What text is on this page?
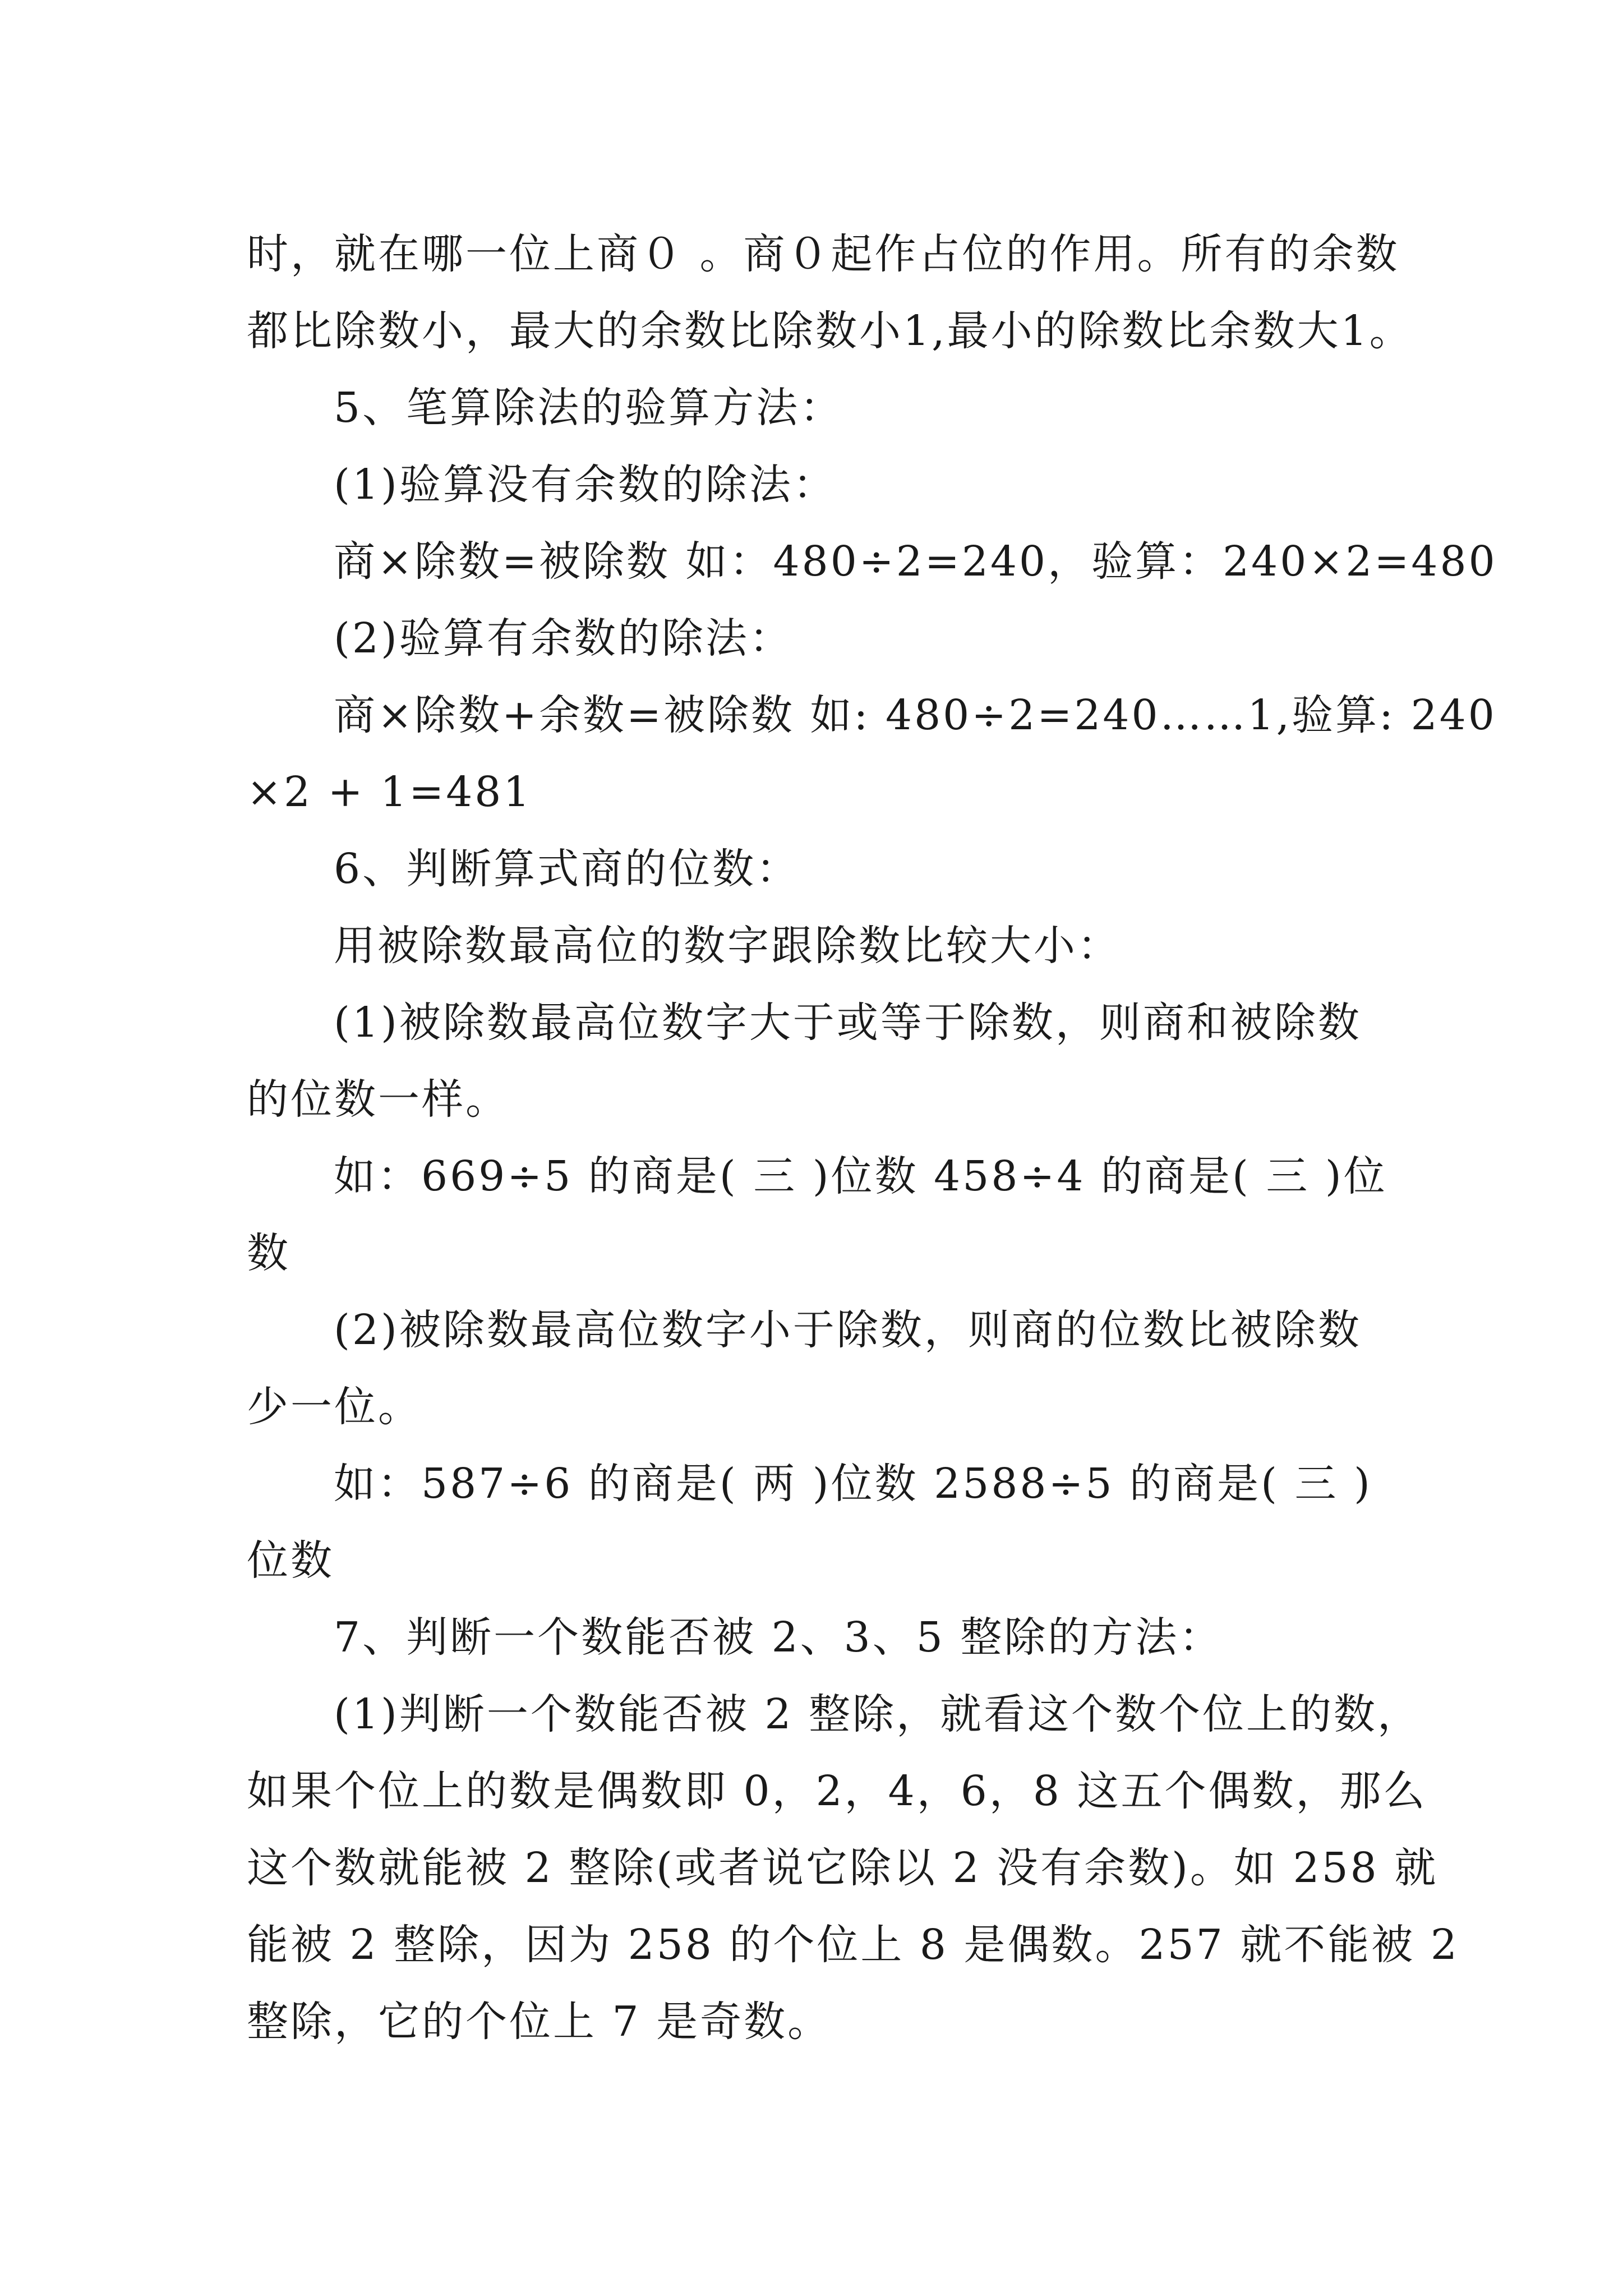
时，就在哪一位上商０ 。商０起作占位的作用。所有的余数
都比除数小，最大的余数比除数小1,最小的除数比余数大1。
5、笔算除法的验算方法：
(1)验算没有余数的除法：
商×除数=被除数 如：480÷2=240，验算：240×2=480
(2)验算有余数的除法：
商×除数+余数=被除数 如: 480÷2=240……1,验算: 240
×2 + 1=481
6、判断算式商的位数：
用被除数最高位的数字跟除数比较大小：
(1)被除数最高位数字大于或等于除数，则商和被除数
的位数一样。
如：669÷5 的商是( 三 )位数 458÷4 的商是( 三 )位
数
(2)被除数最高位数字小于除数，则商的位数比被除数
少一位。
如：587÷6 的商是( 两 )位数 2588÷5 的商是( 三 )
位数
7、判断一个数能否被 2、3、5 整除的方法：
(1)判断一个数能否被 2 整除，就看这个数个位上的数，
如果个位上的数是偶数即 0，2，4，6，8 这五个偶数，那么
这个数就能被 2 整除(或者说它除以 2 没有余数)。如 258 就
能被 2 整除，因为 258 的个位上 8 是偶数。257 就不能被 2
整除，它的个位上 7 是奇数。
